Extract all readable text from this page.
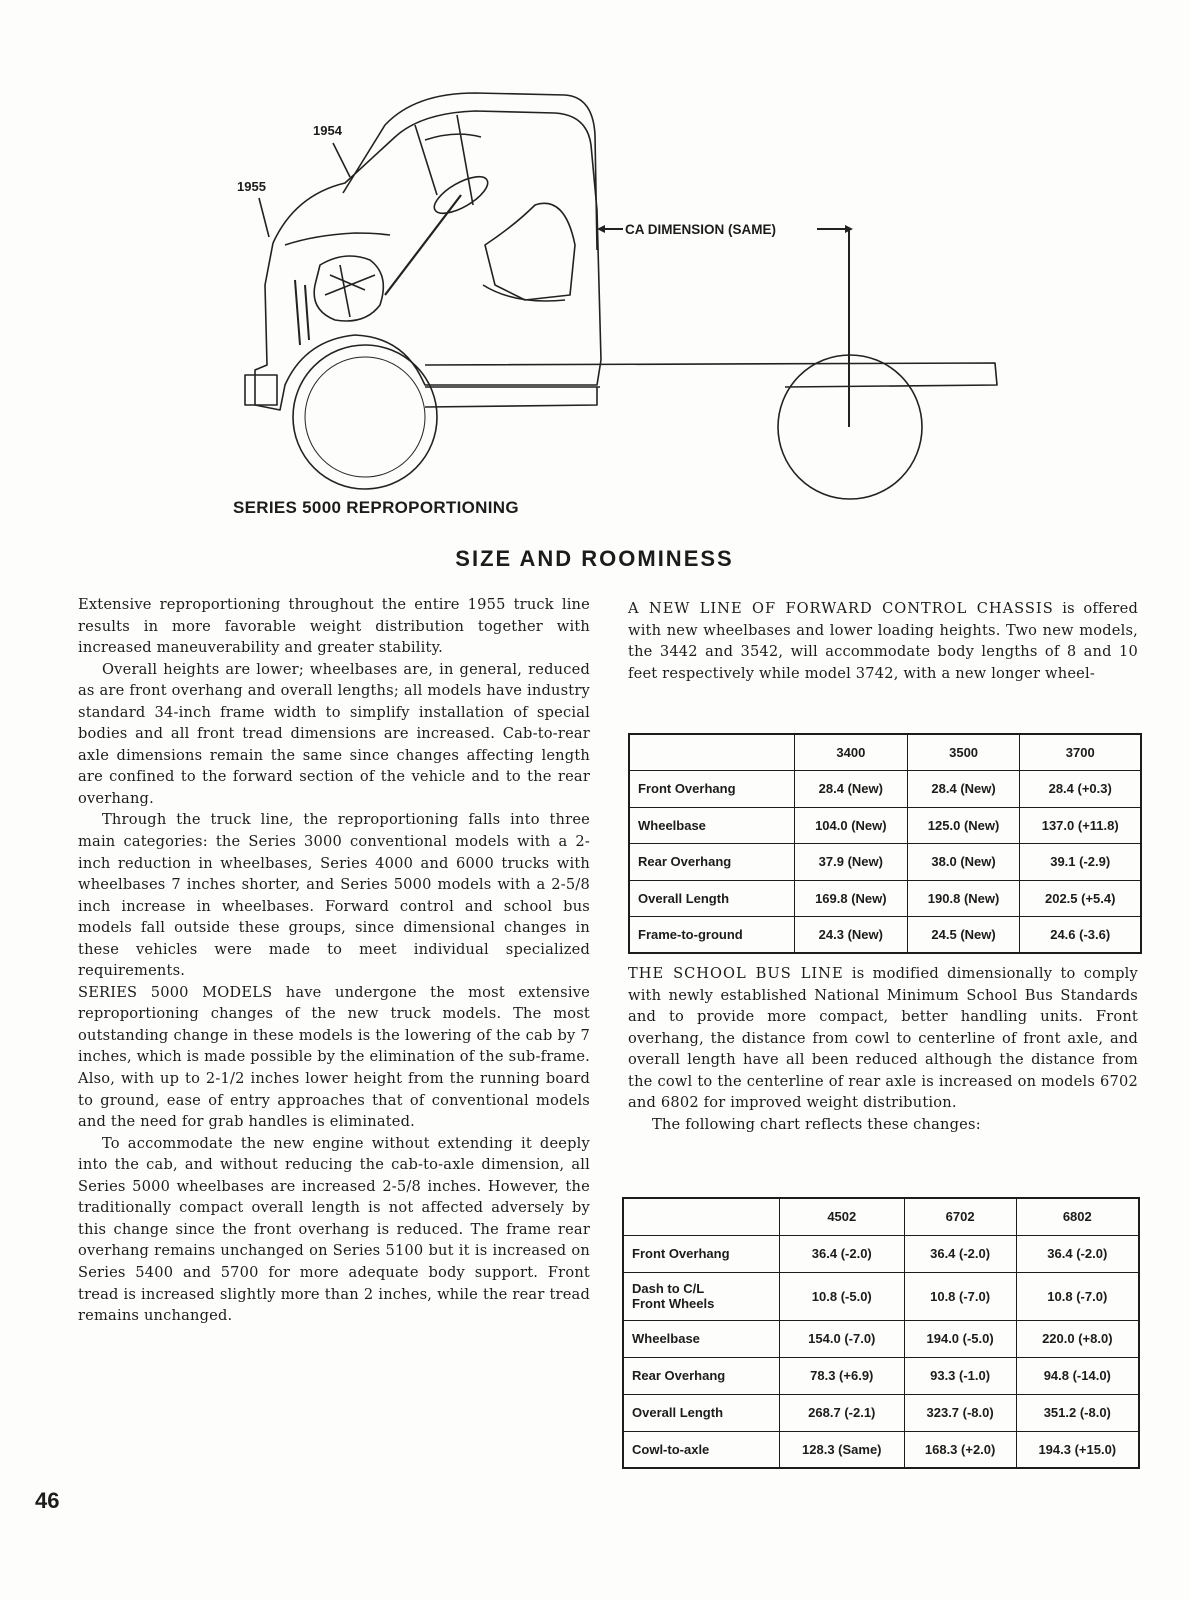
1954
1955
CA DIMENSION (SAME)
SERIES 5000 REPROPORTIONING
SIZE AND ROOMINESS

Extensive reproportioning throughout the entire 1955 truck line results in more favorable weight distribution together with increased maneuverability and greater stability.

Overall heights are lower; wheelbases are, in general, reduced as are front overhang and overall lengths; all models have industry standard 34-inch frame width to simplify installation of special bodies and all front tread dimensions are increased. Cab-to-rear axle dimensions remain the same since changes affecting length are confined to the forward section of the vehicle and to the rear overhang.

Through the truck line, the reproportioning falls into three main categories: the Series 3000 conventional models with a 2-inch reduction in wheelbases, Series 4000 and 6000 trucks with wheelbases 7 inches shorter, and Series 5000 models with a 2-5/8 inch increase in wheelbases. Forward control and school bus models fall outside these groups, since dimensional changes in these vehicles were made to meet individual specialized requirements.

SERIES 5000 MODELS have undergone the most extensive reproportioning changes of the new truck models. The most outstanding change in these models is the lowering of the cab by 7 inches, which is made possible by the elimination of the sub-frame. Also, with up to 2-1/2 inches lower height from the running board to ground, ease of entry approaches that of conventional models and the need for grab handles is eliminated.

To accommodate the new engine without extending it deeply into the cab, and without reducing the cab-to-axle dimension, all Series 5000 wheelbases are increased 2-5/8 inches. However, the traditionally compact overall length is not affected adversely by this change since the front overhang is reduced. The frame rear overhang remains unchanged on Series 5100 but it is increased on Series 5400 and 5700 for more adequate body support. Front tread is increased slightly more than 2 inches, while the rear tread remains unchanged.

A NEW LINE OF FORWARD CONTROL CHASSIS is offered with new wheelbases and lower loading heights. Two new models, the 3442 and 3542, will accommodate body lengths of 8 and 10 feet respectively while model 3742, with a new longer wheel-

	3400	3500	3700
Front Overhang	28.4 (New)	28.4 (New)	28.4 (+0.3)
Wheelbase	104.0 (New)	125.0 (New)	137.0 (+11.8)
Rear Overhang	37.9 (New)	38.0 (New)	39.1 (-2.9)
Overall Length	169.8 (New)	190.8 (New)	202.5 (+5.4)
Frame-to-ground	24.3 (New)	24.5 (New)	24.6 (-3.6)

THE SCHOOL BUS LINE is modified dimensionally to comply with newly established National Minimum School Bus Standards and to provide more compact, better handling units. Front overhang, the distance from cowl to centerline of front axle, and overall length have all been reduced although the distance from the cowl to the centerline of rear axle is increased on models 6702 and 6802 for improved weight distribution.

The following chart reflects these changes:

	4502	6702	6802
Front Overhang	36.4 (-2.0)	36.4 (-2.0)	36.4 (-2.0)
Dash to C/L
Front Wheels	10.8 (-5.0)	10.8 (-7.0)	10.8 (-7.0)
Wheelbase	154.0 (-7.0)	194.0 (-5.0)	220.0 (+8.0)
Rear Overhang	78.3 (+6.9)	93.3 (-1.0)	94.8 (-14.0)
Overall Length	268.7 (-2.1)	323.7 (-8.0)	351.2 (-8.0)
Cowl-to-axle	128.3 (Same)	168.3 (+2.0)	194.3 (+15.0)
46
